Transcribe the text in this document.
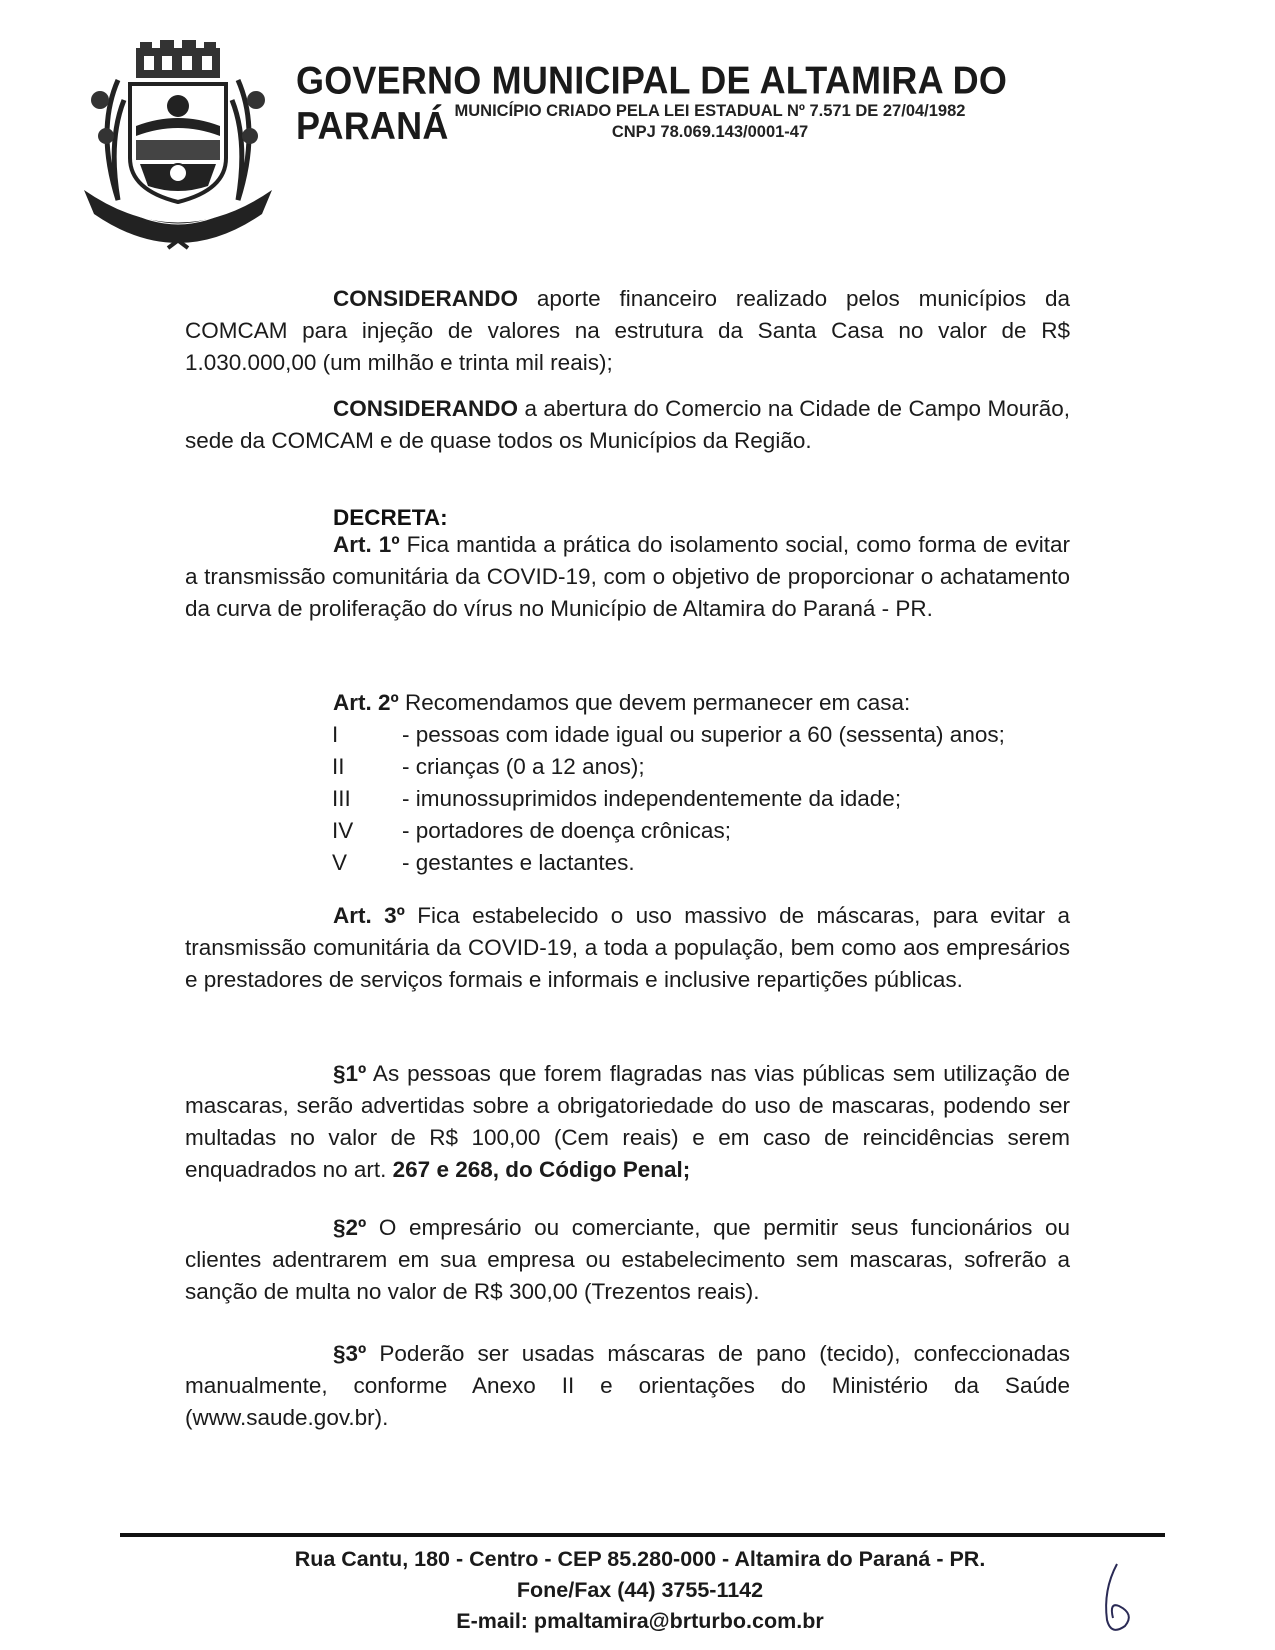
GOVERNO MUNICIPAL DE ALTAMIRA DO PARANÁ MUNICÍPIO CRIADO PELA LEI ESTADUAL Nº 7.571 DE 27/04/1982
CNPJ 78.069.143/0001-47
CONSIDERANDO aporte financeiro realizado pelos municípios da COMCAM para injeção de valores na estrutura da Santa Casa no valor de R$ 1.030.000,00 (um milhão e trinta mil reais);
CONSIDERANDO a abertura do Comercio na Cidade de Campo Mourão, sede da COMCAM e de quase todos os Municípios da Região.
DECRETA:
Art. 1º Fica mantida a prática do isolamento social, como forma de evitar a transmissão comunitária da COVID-19, com o objetivo de proporcionar o achatamento da curva de proliferação do vírus no Município de Altamira do Paraná - PR.
Art. 2º Recomendamos que devem permanecer em casa:
I	- pessoas com idade igual ou superior a 60 (sessenta) anos;
II	- crianças (0 a 12 anos);
III	- imunossuprimidos independentemente da idade;
IV	- portadores de doença crônicas;
V	- gestantes e lactantes.
Art. 3º Fica estabelecido o uso massivo de máscaras, para evitar a transmissão comunitária da COVID-19, a toda a população, bem como aos empresários e prestadores de serviços formais e informais e inclusive repartições públicas.
§1º As pessoas que forem flagradas nas vias públicas sem utilização de mascaras, serão advertidas sobre a obrigatoriedade do uso de mascaras, podendo ser multadas no valor de R$ 100,00 (Cem reais) e em caso de reincidências serem enquadrados no art. 267 e 268, do Código Penal;
§2º O empresário ou comerciante, que permitir seus funcionários ou clientes adentrarem em sua empresa ou estabelecimento sem mascaras, sofrerão a sanção de multa no valor de R$ 300,00 (Trezentos reais).
§3º Poderão ser usadas máscaras de pano (tecido), confeccionadas manualmente, conforme Anexo II e orientações do Ministério da Saúde (www.saude.gov.br).
Rua Cantu, 180 - Centro - CEP 85.280-000 - Altamira do Paraná - PR.
Fone/Fax (44) 3755-1142
E-mail: pmaltamira@brturbo.com.br
